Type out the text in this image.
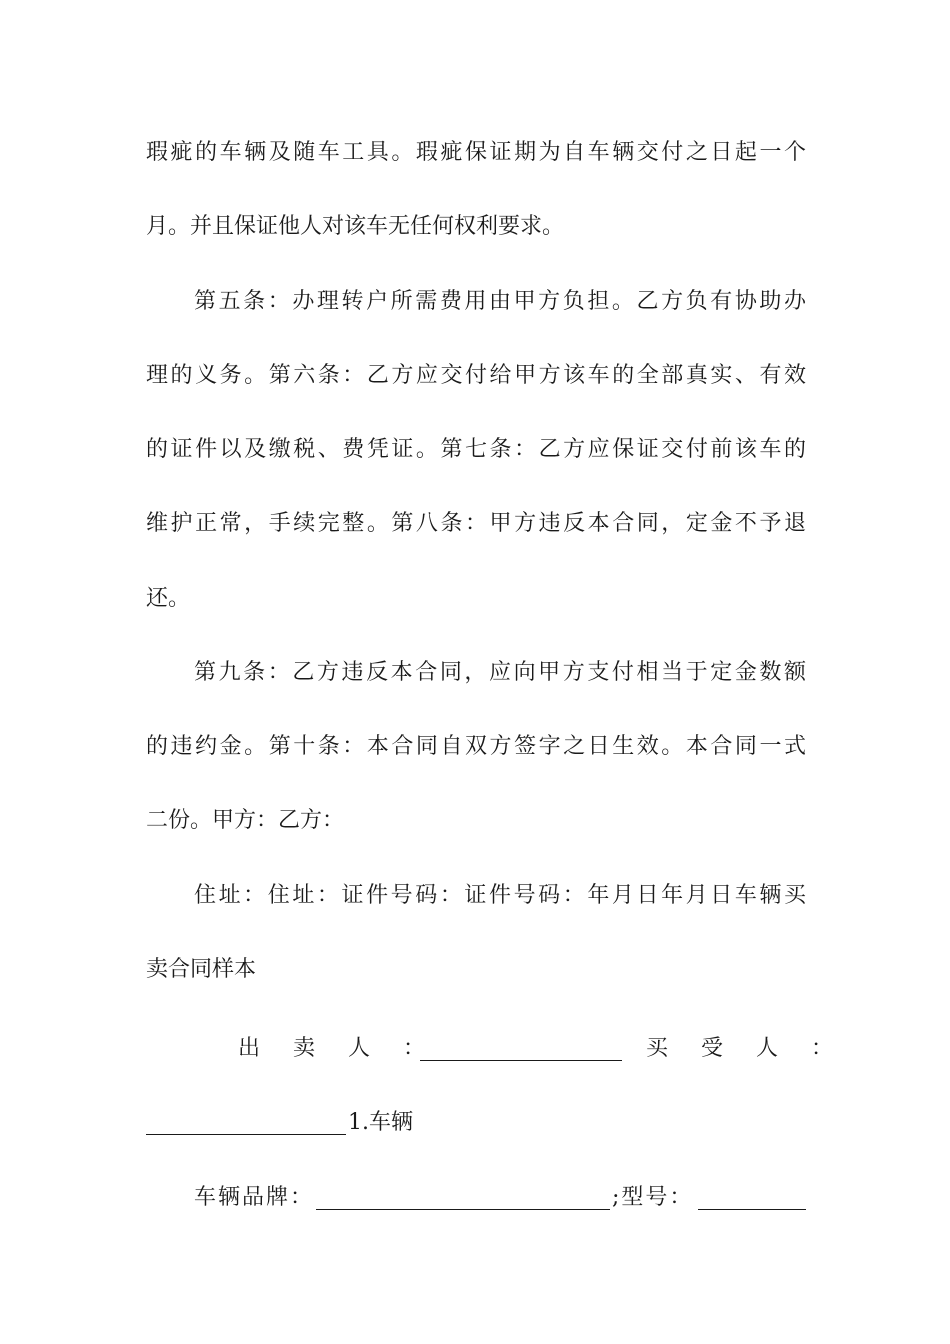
瑕疵的车辆及随车工具。瑕疵保证期为自车辆交付之日起一个
月。并且保证他人对该车无任何权利要求。
第五条：办理转户所需费用由甲方负担。乙方负有协助办
理的义务。第六条：乙方应交付给甲方该车的全部真实、有效
的证件以及缴税、费凭证。第七条：乙方应保证交付前该车的
维护正常，手续完整。第八条：甲方违反本合同，定金不予退
还。
第九条：乙方违反本合同，应向甲方支付相当于定金数额
的违约金。第十条：本合同自双方签字之日生效。本合同一式
二份。甲方：乙方：
住址：住址：证件号码：证件号码：年月日年月日车辆买
卖合同样本
出 卖 人 ：	买 受 人 ：
1.车辆
车辆品牌：	;型号：
